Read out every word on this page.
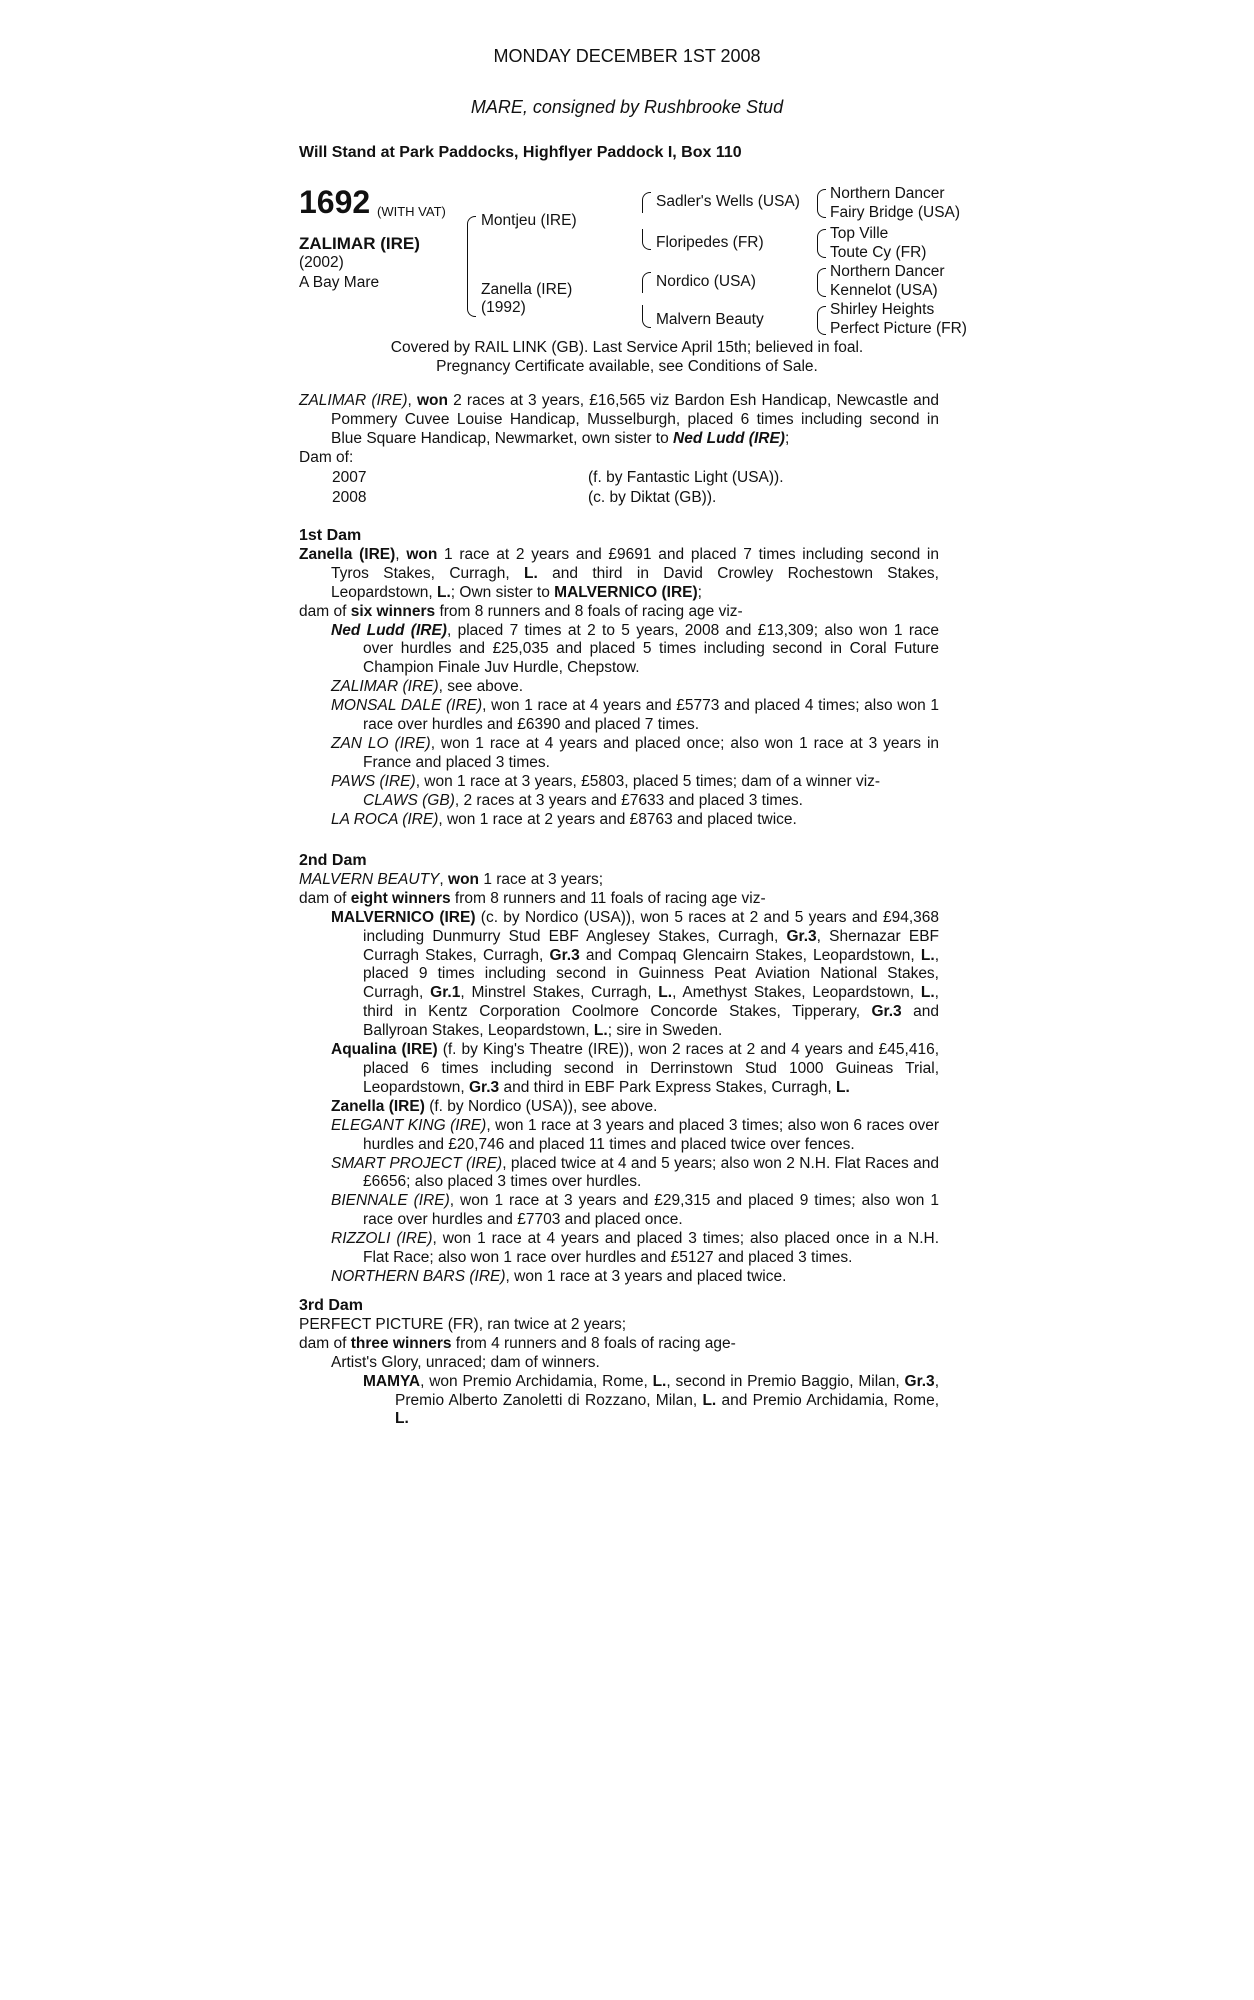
MONDAY DECEMBER 1ST 2008
MARE, consigned by Rushbrooke Stud
Will Stand at Park Paddocks, Highflyer Paddock I, Box 110
1692 (WITH VAT)
ZALIMAR (IRE)
(2002)
A Bay Mare
Montjeu (IRE)
Zanella (IRE)
(1992)
Sadler's Wells (USA)
Floripedes (FR)
Nordico (USA)
Malvern Beauty
Northern Dancer
Fairy Bridge (USA)
Top Ville
Toute Cy (FR)
Northern Dancer
Kennelot (USA)
Shirley Heights
Perfect Picture (FR)
Covered by RAIL LINK (GB). Last Service April 15th; believed in foal.
Pregnancy Certificate available, see Conditions of Sale.
ZALIMAR (IRE), won 2 races at 3 years, £16,565 viz Bardon Esh Handicap, Newcastle and Pommery Cuvee Louise Handicap, Musselburgh, placed 6 times including second in Blue Square Handicap, Newmarket, own sister to Ned Ludd (IRE);
Dam of:
2007	(f. by Fantastic Light (USA)).
2008	(c. by Diktat (GB)).
1st Dam
Zanella (IRE), won 1 race at 2 years and £9691 and placed 7 times including second in Tyros Stakes, Curragh, L. and third in David Crowley Rochestown Stakes, Leopardstown, L.; Own sister to MALVERNICO (IRE);
dam of six winners from 8 runners and 8 foals of racing age viz-
Ned Ludd (IRE), placed 7 times at 2 to 5 years, 2008 and £13,309; also won 1 race over hurdles and £25,035 and placed 5 times including second in Coral Future Champion Finale Juv Hurdle, Chepstow.
ZALIMAR (IRE), see above.
MONSAL DALE (IRE), won 1 race at 4 years and £5773 and placed 4 times; also won 1 race over hurdles and £6390 and placed 7 times.
ZAN LO (IRE), won 1 race at 4 years and placed once; also won 1 race at 3 years in France and placed 3 times.
PAWS (IRE), won 1 race at 3 years, £5803, placed 5 times; dam of a winner viz-
CLAWS (GB), 2 races at 3 years and £7633 and placed 3 times.
LA ROCA (IRE), won 1 race at 2 years and £8763 and placed twice.
2nd Dam
MALVERN BEAUTY, won 1 race at 3 years;
dam of eight winners from 8 runners and 11 foals of racing age viz-
MALVERNICO (IRE) (c. by Nordico (USA)), won 5 races at 2 and 5 years and £94,368 including Dunmurry Stud EBF Anglesey Stakes, Curragh, Gr.3, Shernazar EBF Curragh Stakes, Curragh, Gr.3 and Compaq Glencairn Stakes, Leopardstown, L., placed 9 times including second in Guinness Peat Aviation National Stakes, Curragh, Gr.1, Minstrel Stakes, Curragh, L., Amethyst Stakes, Leopardstown, L., third in Kentz Corporation Coolmore Concorde Stakes, Tipperary, Gr.3 and Ballyroan Stakes, Leopardstown, L.; sire in Sweden.
Aqualina (IRE) (f. by King's Theatre (IRE)), won 2 races at 2 and 4 years and £45,416, placed 6 times including second in Derrinstown Stud 1000 Guineas Trial, Leopardstown, Gr.3 and third in EBF Park Express Stakes, Curragh, L.
Zanella (IRE) (f. by Nordico (USA)), see above.
ELEGANT KING (IRE), won 1 race at 3 years and placed 3 times; also won 6 races over hurdles and £20,746 and placed 11 times and placed twice over fences.
SMART PROJECT (IRE), placed twice at 4 and 5 years; also won 2 N.H. Flat Races and £6656; also placed 3 times over hurdles.
BIENNALE (IRE), won 1 race at 3 years and £29,315 and placed 9 times; also won 1 race over hurdles and £7703 and placed once.
RIZZOLI (IRE), won 1 race at 4 years and placed 3 times; also placed once in a N.H. Flat Race; also won 1 race over hurdles and £5127 and placed 3 times.
NORTHERN BARS (IRE), won 1 race at 3 years and placed twice.
3rd Dam
PERFECT PICTURE (FR), ran twice at 2 years;
dam of three winners from 4 runners and 8 foals of racing age-
Artist's Glory, unraced; dam of winners.
MAMYA, won Premio Archidamia, Rome, L., second in Premio Baggio, Milan, Gr.3, Premio Alberto Zanoletti di Rozzano, Milan, L. and Premio Archidamia, Rome, L.
